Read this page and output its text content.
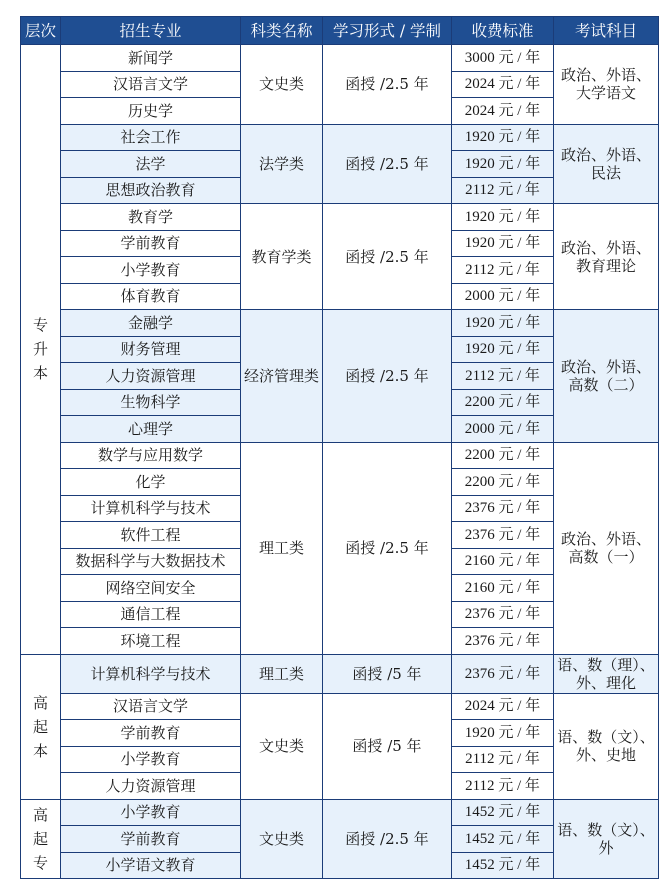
层次	招生专业	科类名称	学习形式 / 学制	收费标准	考试科目
专升本	新闻学	文史类	函授 /2.5 年	3000 元 / 年	政治、外语、大学语文
	汉语言文学			2024 元 / 年	
	历史学			2024 元 / 年	
	社会工作	法学类	函授 /2.5 年	1920 元 / 年	政治、外语、民法
	法学			1920 元 / 年	
	思想政治教育			2112 元 / 年	
	教育学	教育学类	函授 /2.5 年	1920 元 / 年	政治、外语、教育理论
	学前教育			1920 元 / 年	
	小学教育			2112 元 / 年	
	体育教育			2000 元 / 年	
	金融学	经济管理类	函授 /2.5 年	1920 元 / 年	政治、外语、高数（二）
	财务管理			1920 元 / 年	
	人力资源管理			2112 元 / 年	
	生物科学			2200 元 / 年	
	心理学			2000 元 / 年	
	数学与应用数学	理工类	函授 /2.5 年	2200 元 / 年	政治、外语、高数（一）
	化学			2200 元 / 年	
	计算机科学与技术			2376 元 / 年	
	软件工程			2376 元 / 年	
	数据科学与大数据技术			2160 元 / 年	
	网络空间安全			2160 元 / 年	
	通信工程			2376 元 / 年	
	环境工程			2376 元 / 年	
高起本	计算机科学与技术	理工类	函授 /5 年	2376 元 / 年	语、数（理）、外、理化
	汉语言文学	文史类	函授 /5 年	2024 元 / 年	语、数（文）、外、史地
	学前教育			1920 元 / 年	
	小学教育			2112 元 / 年	
	人力资源管理			2112 元 / 年	
高起专	小学教育	文史类	函授 /2.5 年	1452 元 / 年	语、数（文）、外
	学前教育			1452 元 / 年	
	小学语文教育			1452 元 / 年	
